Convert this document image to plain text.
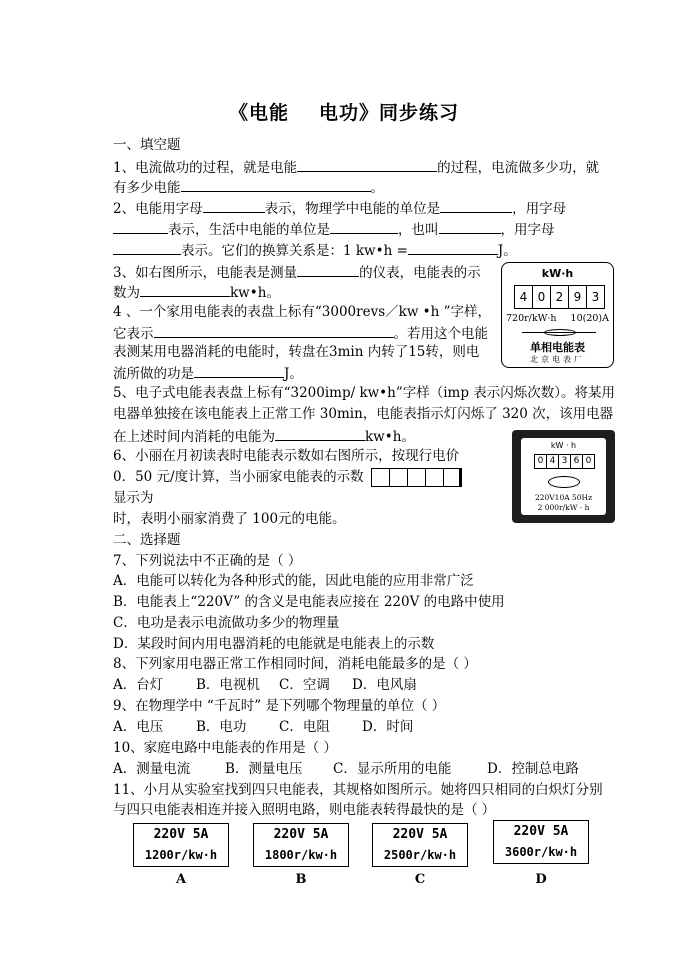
《电能 电功》同步练习
一、填空题
1、电流做功的过程，就是电能	的过程，电流做多少功，就
有多少电能	。
2、电能用字母	表示，物理学中电能的单位是	，用字母
表示，生活中电能的单位是	，也叫	，用字母
表示。它们的换算关系是：1 kw•h =	J。
3、如右图所示，电能表是测量	的仪表，电能表的示
数为	kw•h。
4 、一个家用电能表的表盘上标有“3000revs／kw •h ”字样，
它表示	。若用这个电能
表测某用电器消耗的电能时，转盘在3min 内转了15转，则电
流所做的功是	J。
5、电子式电能表表盘上标有“3200imp/ kw•h”字样（imp 表示闪烁次数）。将某用
电器单独接在该电能表上正常工作 30min，电能表指示灯闪烁了 320 次，该用电器
在上述时间内消耗的电能为	kw•h。
6、小丽在月初读表时电能表示数如右图所示，按现行电价
0．50 元/度计算，当小丽家电能表的示数
显示为
时，表明小丽家消费了 100元的电能。
二、选择题
7、下列说法中不正确的是（ ）
A．电能可以转化为各种形式的能，因此电能的应用非常广泛
B．电能表上“220V” 的含义是电能表应接在 220V 的电路中使用
C．电功是表示电流做功多少的物理量
D．某段时间内用电器消耗的电能就是电能表上的示数
8、下列家用电器正常工作相同时间，消耗电能最多的是（ ）
A．台灯 B．电视机 C．空调 D．电风扇
9、在物理学中 “千瓦时” 是下列哪个物理量的单位（ ）
A．电压 B．电功 C．电阻 D．时间
10、家庭电路中电能表的作用是（ ）
A．测量电流	B．测量电压 C．显示所用的电能	D．控制总电路
11、小月从实验室找到四只电能表，其规格如图所示。她将四只相同的白炽灯分别
与四只电能表相连并接入照明电路，则电能表转得最快的是（ ）
kW·h
4 0 2 9 3
720r/kW·h 10(20)A
单相电能表
北京电表厂
kW · h
0 4 3 6 0
220V10A 50Hz
2 000r/kW · h
220V 5A
1200r/kw·h
A
220V 5A
1800r/kw·h
B
220V 5A
2500r/kw·h
C
220V 5A
3600r/kw·h
D
